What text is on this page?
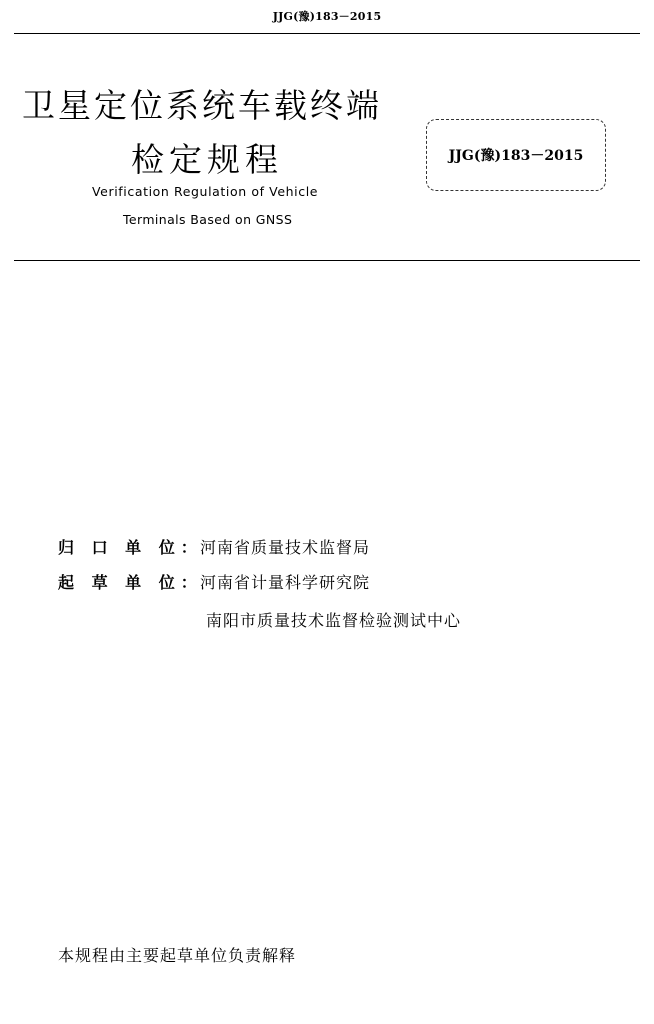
JJG(豫)183－2015
卫星定位系统车载终端
检定规程
Verification Regulation of Vehicle
Terminals Based on GNSS
JJG(豫)183－2015
归 口 单 位：河南省质量技术监督局
起 草 单 位：河南省计量科学研究院
南阳市质量技术监督检验测试中心
本规程由主要起草单位负责解释
